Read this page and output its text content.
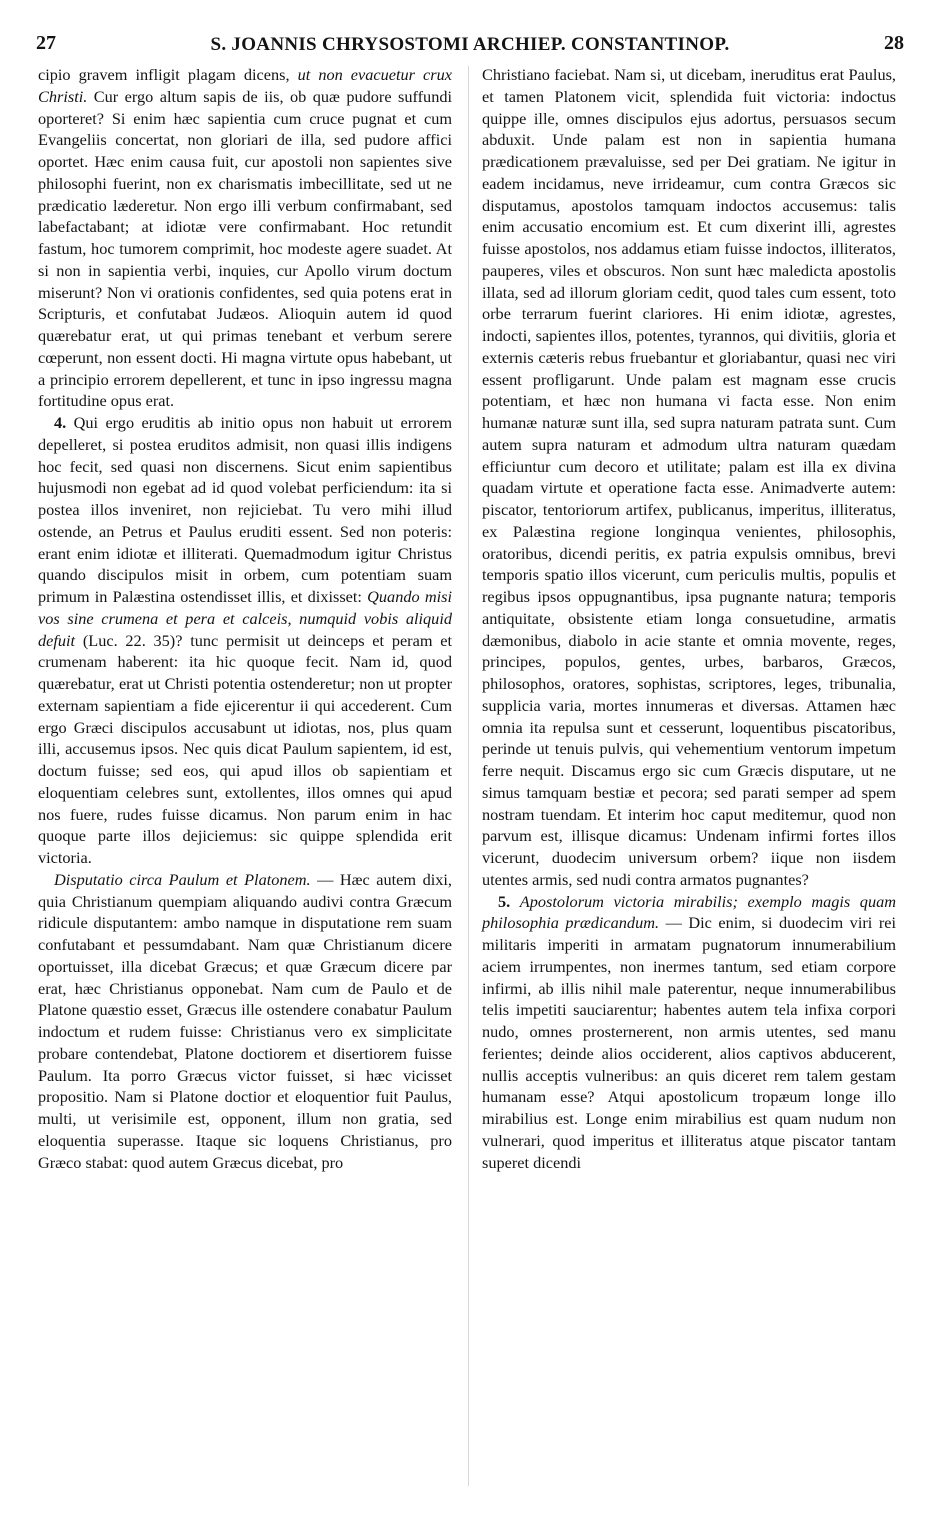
27	S. JOANNIS CHRYSOSTOMI ARCHIEP. CONSTANTINOP.	28

cipio gravem infligit plagam dicens, ut non evacuetur crux Christi. Cur ergo altum sapis de iis, ob quæ pudore suffundi oporteret? Si enim hæc sapientia cum cruce pugnat et cum Evangeliis concertat, non gloriari de illa, sed pudore affici oportet. Hæc enim causa fuit, cur apostoli non sapientes sive philosophi fuerint, non ex charismatis imbecillitate, sed ut ne prædicatio læderetur. Non ergo illi verbum confirmabant, sed labefactabant; at idiotæ vere confirmabant. Hoc retundit fastum, hoc tumorem comprimit, hoc modeste agere suadet. At si non in sapientia verbi, inquies, cur Apollo virum doctum miserunt? Non vi orationis confidentes, sed quia potens erat in Scripturis, et confutabat Judæos. Alioquin autem id quod quærebatur erat, ut qui primas tenebant et verbum serere cœperunt, non essent docti. Hi magna virtute opus habebant, ut a principio errorem depellerent, et tunc in ipso ingressu magna fortitudine opus erat.

4. Qui ergo eruditis ab initio opus non habuit ut errorem depelleret, si postea eruditos admisit, non quasi illis indigens hoc fecit, sed quasi non discernens. Sicut enim sapientibus hujusmodi non egebat ad id quod volebat perficiendum: ita si postea illos inveniret, non rejiciebat. Tu vero mihi illud ostende, an Petrus et Paulus eruditi essent. Sed non poteris: erant enim idiotæ et illiterati. Quemadmodum igitur Christus quando discipulos misit in orbem, cum potentiam suam primum in Palæstina ostendisset illis, et dixisset: Quando misi vos sine crumena et pera et calceis, numquid vobis aliquid defuit (Luc. 22. 35)? tunc permisit ut deinceps et peram et crumenam haberent: ita hic quoque fecit. Nam id, quod quærebatur, erat ut Christi potentia ostenderetur; non ut propter externam sapientiam a fide ejicerentur ii qui accederent. Cum ergo Græci discipulos accusabunt ut idiotas, nos, plus quam illi, accusemus ipsos. Nec quis dicat Paulum sapientem, id est, doctum fuisse; sed eos, qui apud illos ob sapientiam et eloquentiam celebres sunt, extollentes, illos omnes qui apud nos fuere, rudes fuisse dicamus. Non parum enim in hac quoque parte illos dejiciemus: sic quippe splendida erit victoria.

Disputatio circa Paulum et Platonem. — Hæc autem dixi, quia Christianum quempiam aliquando audivi contra Græcum ridicule disputantem: ambo namque in disputatione rem suam confutabant et pessumdabant. Nam quæ Christianum dicere oportuisset, illa dicebat Græcus; et quæ Græcum dicere par erat, hæc Christianus opponebat. Nam cum de Paulo et de Platone quæstio esset, Græcus ille ostendere conabatur Paulum indoctum et rudem fuisse: Christianus vero ex simplicitate probare contendebat, Platone doctiorem et disertiorem fuisse Paulum. Ita porro Græcus victor fuisset, si hæc vicisset propositio. Nam si Platone doctior et eloquentior fuit Paulus, multi, ut verisimile est, opponent, illum non gratia, sed eloquentia superasse. Itaque sic loquens Christianus, pro Græco stabat: quod autem Græcus dicebat, pro

Christiano faciebat. Nam si, ut dicebam, ineruditus erat Paulus, et tamen Platonem vicit, splendida fuit victoria: indoctus quippe ille, omnes discipulos ejus adortus, persuasos secum abduxit. Unde palam est non in sapientia humana prædicationem prævaluisse, sed per Dei gratiam. Ne igitur in eadem incidamus, neve irrideamur, cum contra Græcos sic disputamus, apostolos tamquam indoctos accusemus: talis enim accusatio encomium est. Et cum dixerint illi, agrestes fuisse apostolos, nos addamus etiam fuisse indoctos, illiteratos, pauperes, viles et obscuros. Non sunt hæc maledicta apostolis illata, sed ad illorum gloriam cedit, quod tales cum essent, toto orbe terrarum fuerint clariores. Hi enim idiotæ, agrestes, indocti, sapientes illos, potentes, tyrannos, qui divitiis, gloria et externis cæteris rebus fruebantur et gloriabantur, quasi nec viri essent profligarunt. Unde palam est magnam esse crucis potentiam, et hæc non humana vi facta esse. Non enim humanæ naturæ sunt illa, sed supra naturam patrata sunt. Cum autem supra naturam et admodum ultra naturam quædam efficiuntur cum decoro et utilitate; palam est illa ex divina quadam virtute et operatione facta esse. Animadverte autem: piscator, tentoriorum artifex, publicanus, imperitus, illiteratus, ex Palæstina regione longinqua venientes, philosophis, oratoribus, dicendi peritis, ex patria expulsis omnibus, brevi temporis spatio illos vicerunt, cum periculis multis, populis et regibus ipsos oppugnantibus, ipsa pugnante natura; temporis antiquitate, obsistente etiam longa consuetudine, armatis dæmonibus, diabolo in acie stante et omnia movente, reges, principes, populos, gentes, urbes, barbaros, Græcos, philosophos, oratores, sophistas, scriptores, leges, tribunalia, supplicia varia, mortes innumeras et diversas. Attamen hæc omnia ita repulsa sunt et cesserunt, loquentibus piscatoribus, perinde ut tenuis pulvis, qui vehementium ventorum impetum ferre nequit. Discamus ergo sic cum Græcis disputare, ut ne simus tamquam bestiæ et pecora; sed parati semper ad spem nostram tuendam. Et interim hoc caput meditemur, quod non parvum est, illisque dicamus: Undenam infirmi fortes illos vicerunt, duodecim universum orbem? iique non iisdem utentes armis, sed nudi contra armatos pugnantes?

5. Apostolorum victoria mirabilis; exemplo magis quam philosophia prædicandum. — Dic enim, si duodecim viri rei militaris imperiti in armatam pugnatorum innumerabilium aciem irrumpentes, non inermes tantum, sed etiam corpore infirmi, ab illis nihil male paterentur, neque innumerabilibus telis impetiti sauciarentur; habentes autem tela infixa corpori nudo, omnes prosternerent, non armis utentes, sed manu ferientes; deinde alios occiderent, alios captivos abducerent, nullis acceptis vulneribus: an quis diceret rem talem gestam humanam esse? Atqui apostolicum tropæum longe illo mirabilius est. Longe enim mirabilius est quam nudum non vulnerari, quod imperitus et illiteratus atque piscator tantam superet dicendi
